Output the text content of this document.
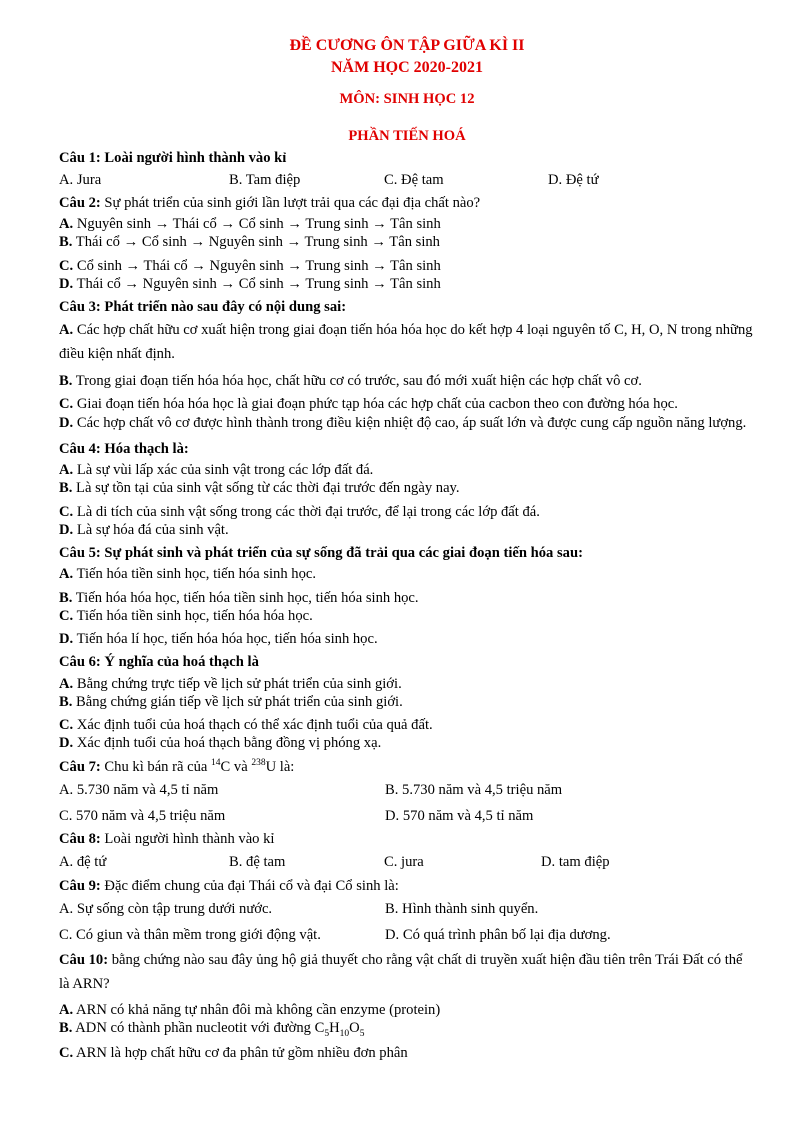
ĐỀ CƯƠNG ÔN TẬP GIỮA KÌ II
NĂM HỌC 2020-2021
MÔN: SINH HỌC 12
PHẦN TIẾN HOÁ
Câu 1: Loài người hình thành vào kỉ
A. Jura	B. Tam điệp	C. Đệ tam	D. Đệ tứ
Câu 2: Sự phát triển của sinh giới lần lượt trải qua các đại địa chất nào?
A. Nguyên sinh → Thái cổ → Cổ sinh → Trung sinh → Tân sinh
B. Thái cổ → Cổ sinh → Nguyên sinh → Trung sinh → Tân sinh
C. Cổ sinh → Thái cổ → Nguyên sinh → Trung sinh → Tân sinh
D. Thái cổ → Nguyên sinh → Cổ sinh → Trung sinh → Tân sinh
Câu 3: Phát triển nào sau đây có nội dung sai:
A. Các hợp chất hữu cơ xuất hiện trong giai đoạn tiến hóa hóa học do kết hợp 4 loại nguyên tố C, H, O, N trong những điều kiện nhất định.
B. Trong giai đoạn tiến hóa hóa học, chất hữu cơ có trước, sau đó mới xuất hiện các hợp chất vô cơ.
C. Giai đoạn tiến hóa hóa học là giai đoạn phức tạp hóa các hợp chất của cacbon theo con đường hóa học.
D. Các hợp chất vô cơ được hình thành trong điều kiện nhiệt độ cao, áp suất lớn và được cung cấp nguồn năng lượng.
Câu 4: Hóa thạch là:
A. Là sự vùi lấp xác của sinh vật trong các lớp đất đá.
B. Là sự tồn tại của sinh vật sống từ các thời đại trước đến ngày nay.
C. Là di tích của sinh vật sống trong các thời đại trước, để lại trong các lớp đất đá.
D. Là sự hóa đá của sinh vật.
Câu 5: Sự phát sinh và phát triển của sự sống đã trải qua các giai đoạn tiến hóa sau:
A. Tiến hóa tiền sinh học, tiến hóa sinh học.
B. Tiến hóa hóa học, tiến hóa tiền sinh học, tiến hóa sinh học.
C. Tiến hóa tiền sinh học, tiến hóa hóa học.
D. Tiến hóa lí học, tiến hóa hóa học, tiến hóa sinh học.
Câu 6: Ý nghĩa của hoá thạch là
A. Bằng chứng trực tiếp về lịch sử phát triển của sinh giới.
B. Bằng chứng gián tiếp về lịch sử phát triển của sinh giới.
C. Xác định tuổi của hoá thạch có thể xác định tuổi của quả đất.
D. Xác định tuổi của hoá thạch bằng đồng vị phóng xạ.
Câu 7: Chu kì bán rã của $^{14}$C và $^{238}$U là:
A. 5.730 năm và 4,5 tỉ năm	B. 5.730 năm và 4,5 triệu năm
C. 570 năm và 4,5 triệu năm	D. 570 năm và 4,5 tỉ năm
Câu 8: Loài người hình thành vào kỉ
A. đệ tứ	B. đệ tam	C. jura	D. tam điệp
Câu 9: Đặc điểm chung của đại Thái cổ và đại Cổ sinh là:
A. Sự sống còn tập trung dưới nước.	B. Hình thành sinh quyển.
C. Có giun và thân mềm trong giới động vật.	D. Có quá trình phân bố lại địa dương.
Câu 10: bằng chứng nào sau đây ủng hộ giả thuyết cho rằng vật chất di truyền xuất hiện đầu tiên trên Trái Đất có thể là ARN?
A. ARN có khả năng tự nhân đôi mà không cần enzyme (protein)
B. ADN có thành phần nucleotit với đường $C_5H_{10}O_5$
C. ARN là hợp chất hữu cơ đa phân tử gồm nhiều đơn phân
